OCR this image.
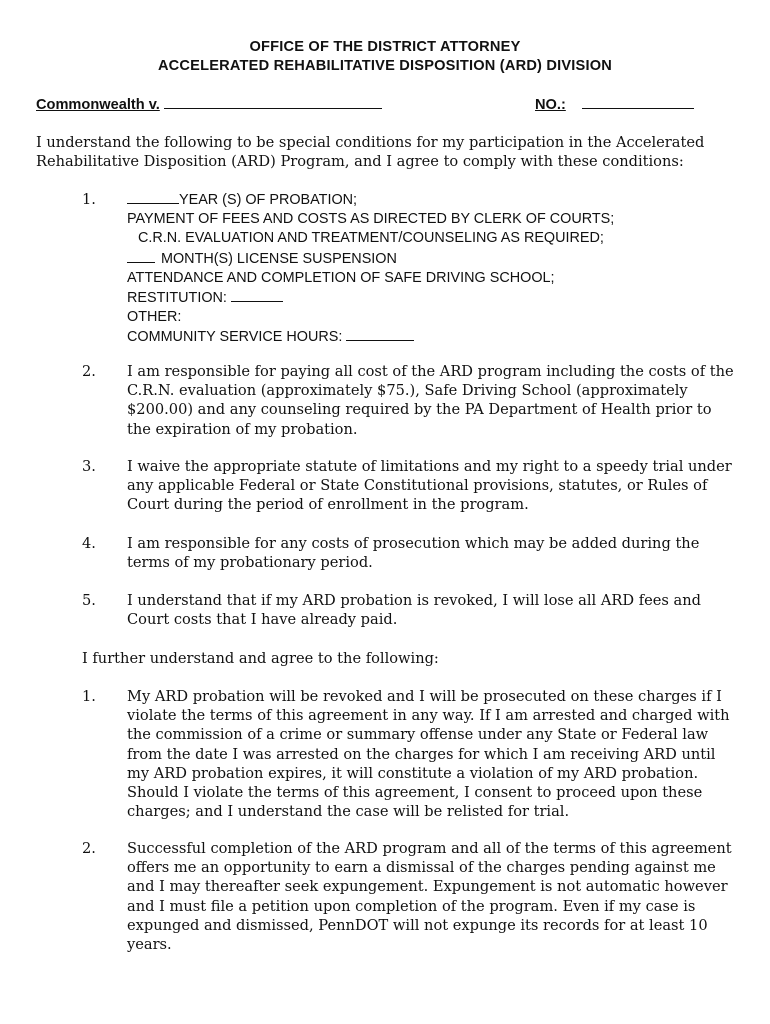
OFFICE OF THE DISTRICT ATTORNEY
ACCELERATED REHABILITATIVE DISPOSITION (ARD) DIVISION
Commonwealth v.	NO.:
I understand the following to be special conditions for my participation in the Accelerated Rehabilitative Disposition (ARD) Program, and I agree to comply with these conditions:
1.	YEAR (S) OF PROBATION;
PAYMENT OF FEES AND COSTS AS DIRECTED BY CLERK OF COURTS;
C.R.N. EVALUATION AND TREATMENT/COUNSELING AS REQUIRED;
MONTH(S) LICENSE SUSPENSION
ATTENDANCE AND COMPLETION OF SAFE DRIVING SCHOOL;
RESTITUTION:
OTHER:
COMMUNITY SERVICE HOURS:
2. I am responsible for paying all cost of the ARD program including the costs of the C.R.N. evaluation (approximately $75.), Safe Driving School (approximately $200.00) and any counseling required by the PA Department of Health prior to the expiration of my probation.
3. I waive the appropriate statute of limitations and my right to a speedy trial under any applicable Federal or State Constitutional provisions, statutes, or Rules of Court during the period of enrollment in the program.
4. I am responsible for any costs of prosecution which may be added during the terms of my probationary period.
5. I understand that if my ARD probation is revoked, I will lose all ARD fees and Court costs that I have already paid.
I further understand and agree to the following:
1. My ARD probation will be revoked and I will be prosecuted on these charges if I violate the terms of this agreement in any way. If I am arrested and charged with the commission of a crime or summary offense under any State or Federal law from the date I was arrested on the charges for which I am receiving ARD until my ARD probation expires, it will constitute a violation of my ARD probation. Should I violate the terms of this agreement, I consent to proceed upon these charges; and I understand the case will be relisted for trial.
2. Successful completion of the ARD program and all of the terms of this agreement offers me an opportunity to earn a dismissal of the charges pending against me and I may thereafter seek expungement. Expungement is not automatic however and I must file a petition upon completion of the program. Even if my case is expunged and dismissed, PennDOT will not expunge its records for at least 10 years.
